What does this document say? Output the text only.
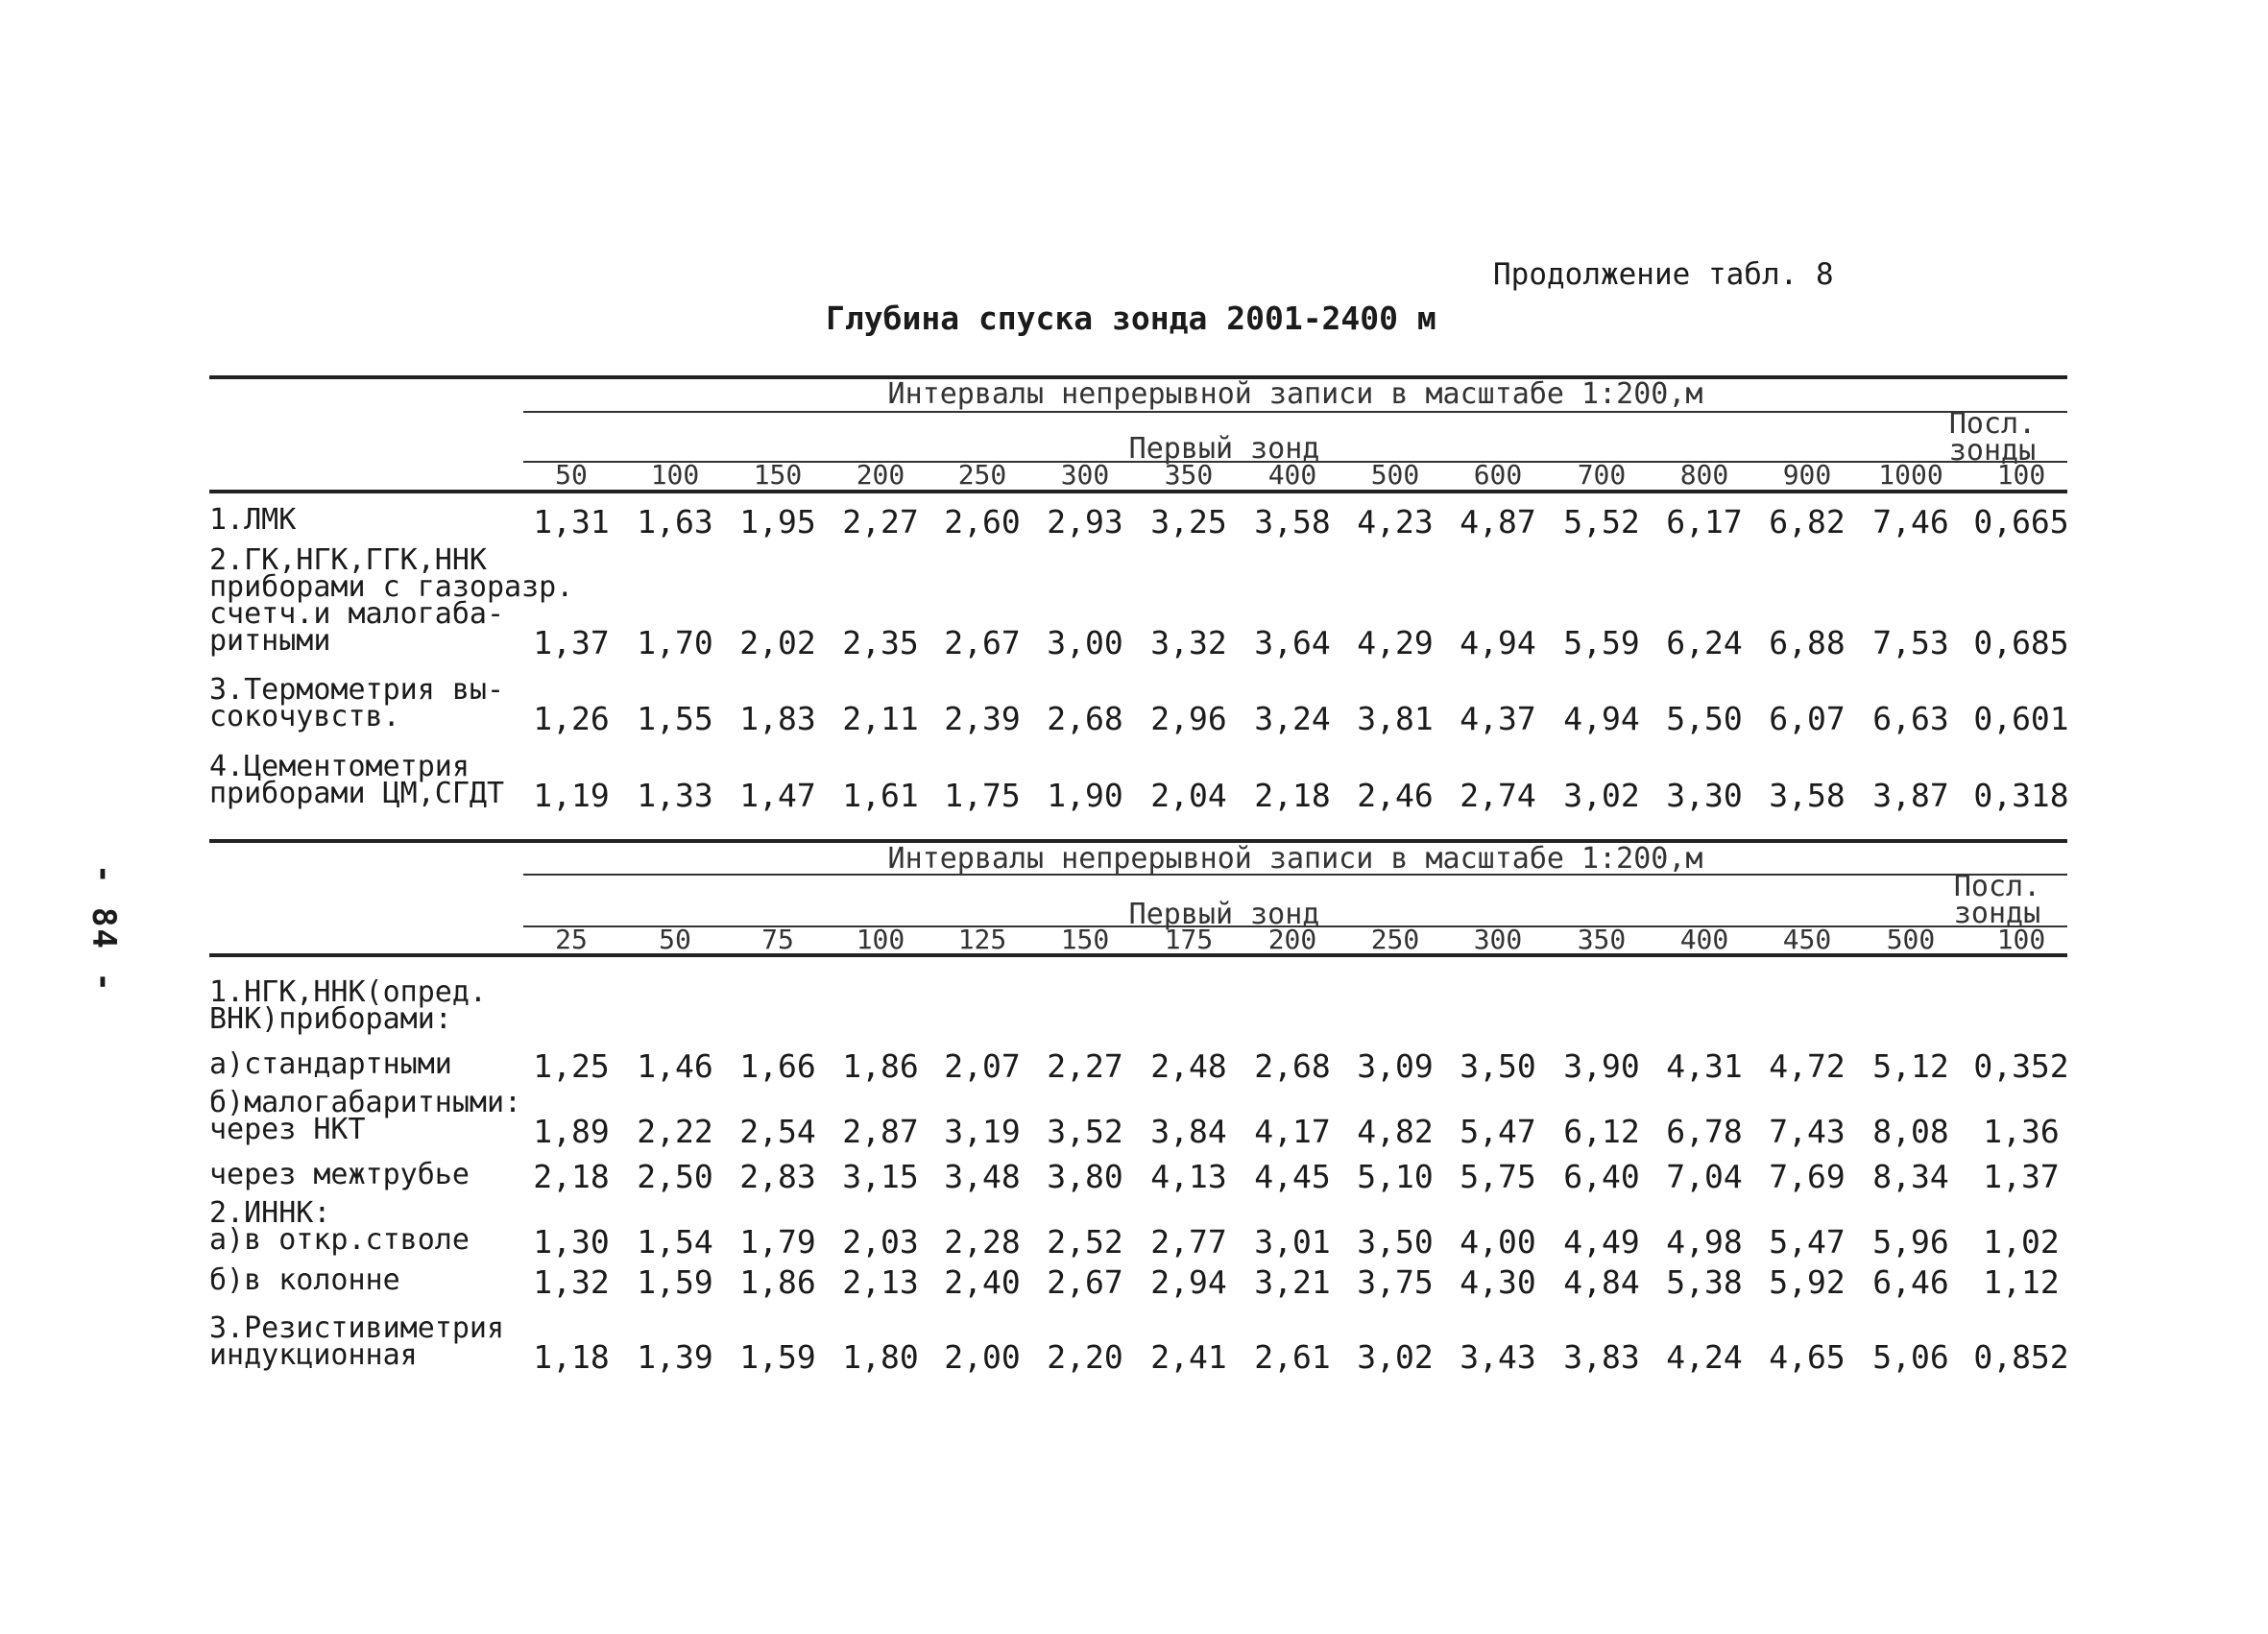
Продолжение табл. 8
Глубина спуска зонда 2001-2400 м
- 84 -
Интервалы непрерывной записи в масштабе 1:200,м
Первый зонд
Посл. зонды
50	100	150	200	250	300	350	400	500	600	700	800	900	1000	100
1.ЛМК	1,31 1,63 1,95 2,27 2,60 2,93 3,25 3,58 4,23 4,87 5,52 6,17 6,82 7,46 0,665
2.ГК,НГК,ГГК,ННК
приборами с газоразр.
счетч.и малогаба-
ритными	1,37 1,70 2,02 2,35 2,67 3,00 3,32 3,64 4,29 4,94 5,59 6,24 6,88 7,53 0,685
3.Термометрия вы-
сокочувств.	1,26 1,55 1,83 2,11 2,39 2,68 2,96 3,24 3,81 4,37 4,94 5,50 6,07 6,63 0,601
4.Цементометрия
приборами ЦМ,СГДТ 1,19 1,33 1,47 1,61 1,75 1,90 2,04 2,18 2,46 2,74 3,02 3,30 3,58 3,87 0,318
Интервалы непрерывной записи в масштабе 1:200,м
Первый зонд
Посл. зонды
25	50	75	100	125	150	175	200	250	300	350	400	450	500	100
1.НГК,ННК(опред.
ВНК)приборами:
а)стандартными	1,25 1,46 1,66 1,86 2,07 2,27 2,48 2,68 3,09 3,50 3,90 4,31 4,72 5,12 0,352
б)малогабаритными:
через НКТ	1,89 2,22 2,54 2,87 3,19 3,52 3,84 4,17 4,82 5,47 6,12 6,78 7,43 8,08	1,36
через межтрубье	2,18 2,50 2,83 3,15 3,48 3,80 4,13 4,45 5,10 5,75 6,40 7,04 7,69 8,34	1,37
2.ИННК:
а)в откр.стволе	1,30 1,54 1,79 2,03 2,28 2,52 2,77 3,01 3,50 4,00 4,49 4,98 5,47 5,96	1,02
б)в колонне	1,32 1,59 1,86 2,13 2,40 2,67 2,94 3,21 3,75 4,30 4,84 5,38 5,92 6,46	1,12
3.Резистивиметрия
индукционная	1,18 1,39 1,59 1,80 2,00 2,20 2,41 2,61 3,02 3,43 3,83 4,24 4,65 5,06 0,852
